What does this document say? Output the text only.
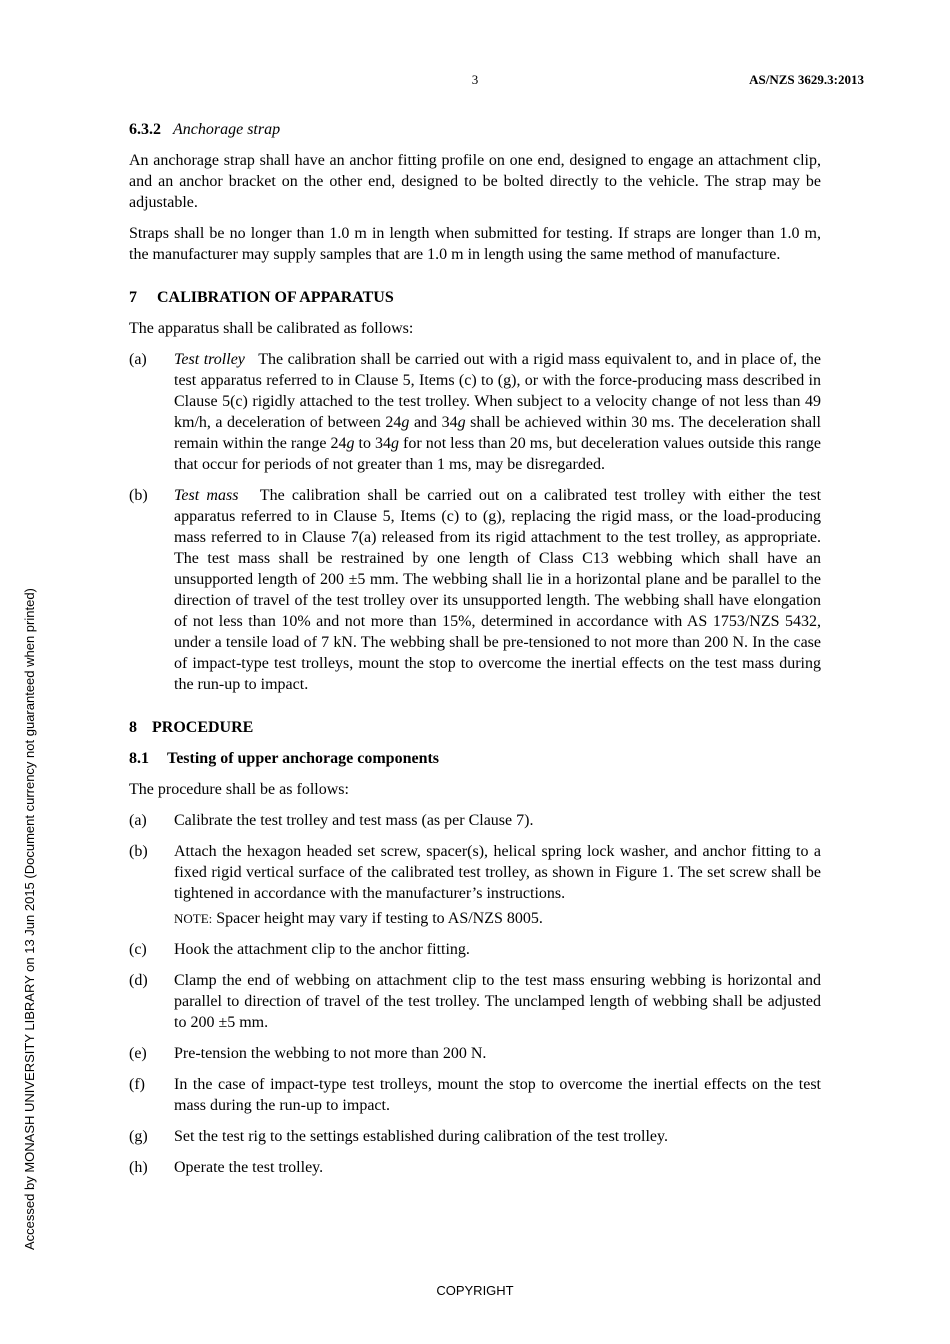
3	AS/NZS 3629.3:2013
6.3.2 Anchorage strap

An anchorage strap shall have an anchor fitting profile on one end, designed to engage an attachment clip, and an anchor bracket on the other end, designed to be bolted directly to the vehicle. The strap may be adjustable.

Straps shall be no longer than 1.0 m in length when submitted for testing. If straps are longer than 1.0 m, the manufacturer may supply samples that are 1.0 m in length using the same method of manufacture.

7 CALIBRATION OF APPARATUS

The apparatus shall be calibrated as follows:

(a)	Test trolley The calibration shall be carried out with a rigid mass equivalent to, and in place of, the test apparatus referred to in Clause 5, Items (c) to (g), or with the force-producing mass described in Clause 5(c) rigidly attached to the test trolley. When subject to a velocity change of not less than 49 km/h, a deceleration of between 24g and 34g shall be achieved within 30 ms. The deceleration shall remain within the range 24g to 34g for not less than 20 ms, but deceleration values outside this range that occur for periods of not greater than 1 ms, may be disregarded.
(b)	Test mass The calibration shall be carried out on a calibrated test trolley with either the test apparatus referred to in Clause 5, Items (c) to (g), replacing the rigid mass, or the load-producing mass referred to in Clause 7(a) released from its rigid attachment to the test trolley, as appropriate. The test mass shall be restrained by one length of Class C13 webbing which shall have an unsupported length of 200 ±5 mm. The webbing shall lie in a horizontal plane and be parallel to the direction of travel of the test trolley over its unsupported length. The webbing shall have elongation of not less than 10% and not more than 15%, determined in accordance with AS 1753/NZS 5432, under a tensile load of 7 kN. The webbing shall be pre-tensioned to not more than 200 N. In the case of impact-type test trolleys, mount the stop to overcome the inertial effects on the test mass during the run-up to impact.
8 PROCEDURE
8.1 Testing of upper anchorage components

The procedure shall be as follows:

(a)	Calibrate the test trolley and test mass (as per Clause 7).
(b)	Attach the hexagon headed set screw, spacer(s), helical spring lock washer, and anchor fitting to a fixed rigid vertical surface of the calibrated test trolley, as shown in Figure 1. The set screw shall be tightened in accordance with the manufacturer’s instructions.
NOTE: Spacer height may vary if testing to AS/NZS 8005.
(c)	Hook the attachment clip to the anchor fitting.
(d)	Clamp the end of webbing on attachment clip to the test mass ensuring webbing is horizontal and parallel to direction of travel of the test trolley. The unclamped length of webbing shall be adjusted to 200 ±5 mm.
(e)	Pre-tension the webbing to not more than 200 N.
(f)	In the case of impact-type test trolleys, mount the stop to overcome the inertial effects on the test mass during the run-up to impact.
(g)	Set the test rig to the settings established during calibration of the test trolley.
(h)	Operate the test trolley.
COPYRIGHT
Accessed by MONASH UNIVERSITY LIBRARY on 13 Jun 2015 (Document currency not guaranteed when printed)
